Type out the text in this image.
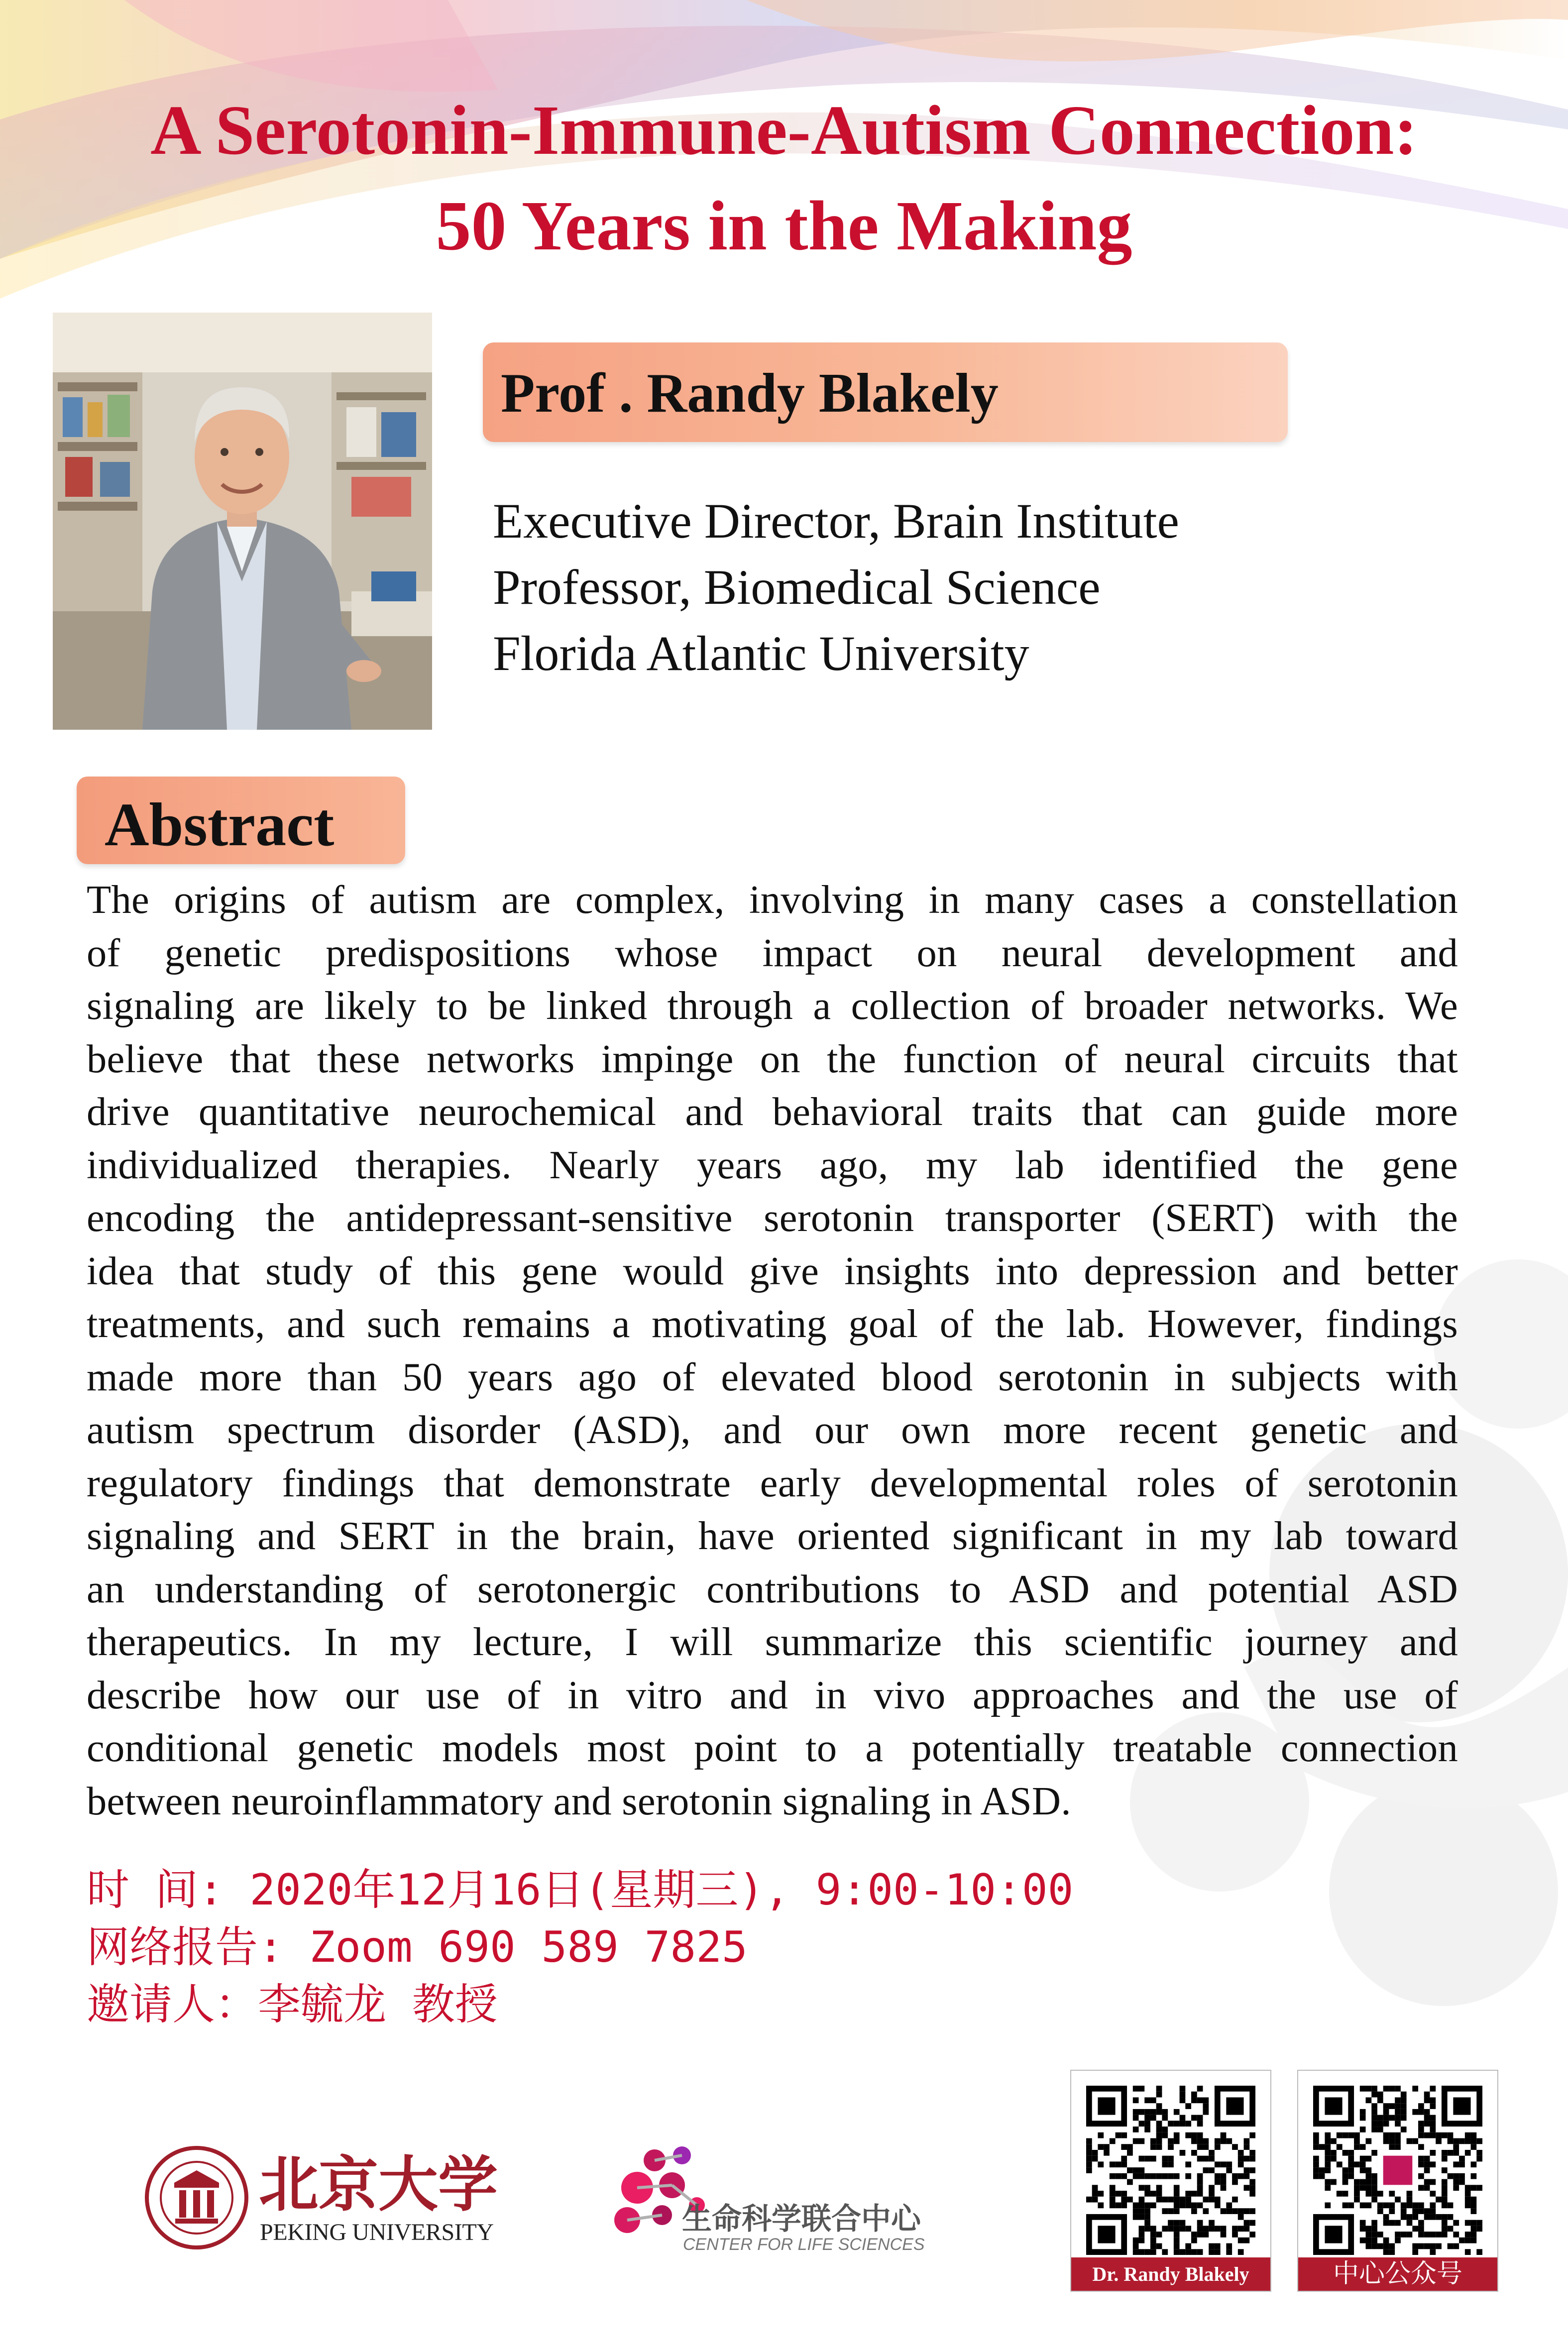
A Serotonin-Immune-Autism Connection:
50 Years in the Making
Prof . Randy Blakely
Executive Director, Brain Institute
Professor, Biomedical Science
Florida Atlantic University
Abstract
The origins of autism are complex, involving in many cases a constellation
of genetic predispositions whose impact on neural development and
signaling are likely to be linked through a collection of broader networks. We
believe that these networks impinge on the function of neural circuits that
drive quantitative neurochemical and behavioral traits that can guide more
individualized therapies. Nearly years ago, my lab identified the gene
encoding the antidepressant-sensitive serotonin transporter (SERT) with the
idea that study of this gene would give insights into depression and better
treatments, and such remains a motivating goal of the lab. However, findings
made more than 50 years ago of elevated blood serotonin in subjects with
autism spectrum disorder (ASD), and our own more recent genetic and
regulatory findings that demonstrate early developmental roles of serotonin
signaling and SERT in the brain, have oriented significant in my lab toward
an understanding of serotonergic contributions to ASD and potential ASD
therapeutics. In my lecture, I will summarize this scientific journey and
describe how our use of in vitro and in vivo approaches and the use of
conditional genetic models most point to a potentially treatable connection
between neuroinflammatory and serotonin signaling in ASD.
时 间: 2020年12月16日(星期三), 9:00-10:00
网络报告: Zoom 690 589 7825
邀请人：李毓龙 教授
北京大学
PEKING UNIVERSITY	生命科学联合中心
CENTER FOR LIFE SCIENCES
Dr. Randy Blakely	中心公众号
